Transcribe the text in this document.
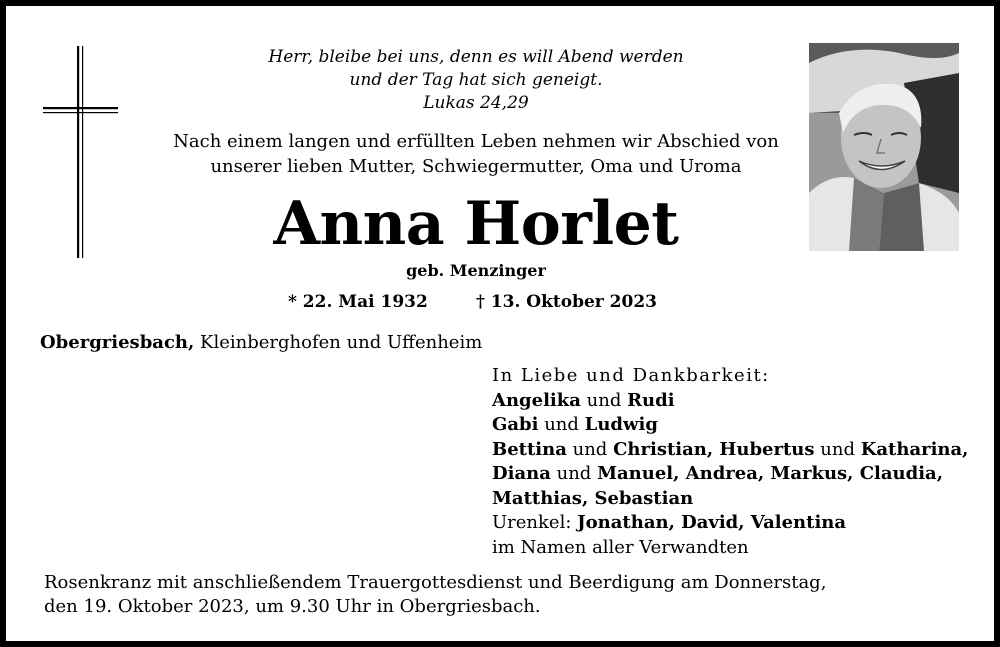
Herr, bleibe bei uns, denn es will Abend werden
und der Tag hat sich geneigt.
Lukas 24,29
Nach einem langen und erfüllten Leben nehmen wir Abschied von
unserer lieben Mutter, Schwiegermutter, Oma und Uroma
Anna Horlet
geb. Menzinger
* 22. Mai 1932	† 13. Oktober 2023
Obergriesbach, Kleinberghofen und Uffenheim
In Liebe und Dankbarkeit:
Angelika und Rudi
Gabi und Ludwig
Bettina und Christian, Hubertus und Katharina,
Diana und Manuel, Andrea, Markus, Claudia,
Matthias, Sebastian
Urenkel: Jonathan, David, Valentina
im Namen aller Verwandten
Rosenkranz mit anschließendem Trauergottesdienst und Beerdigung am Donnerstag,
den 19. Oktober 2023, um 9.30 Uhr in Obergriesbach.
